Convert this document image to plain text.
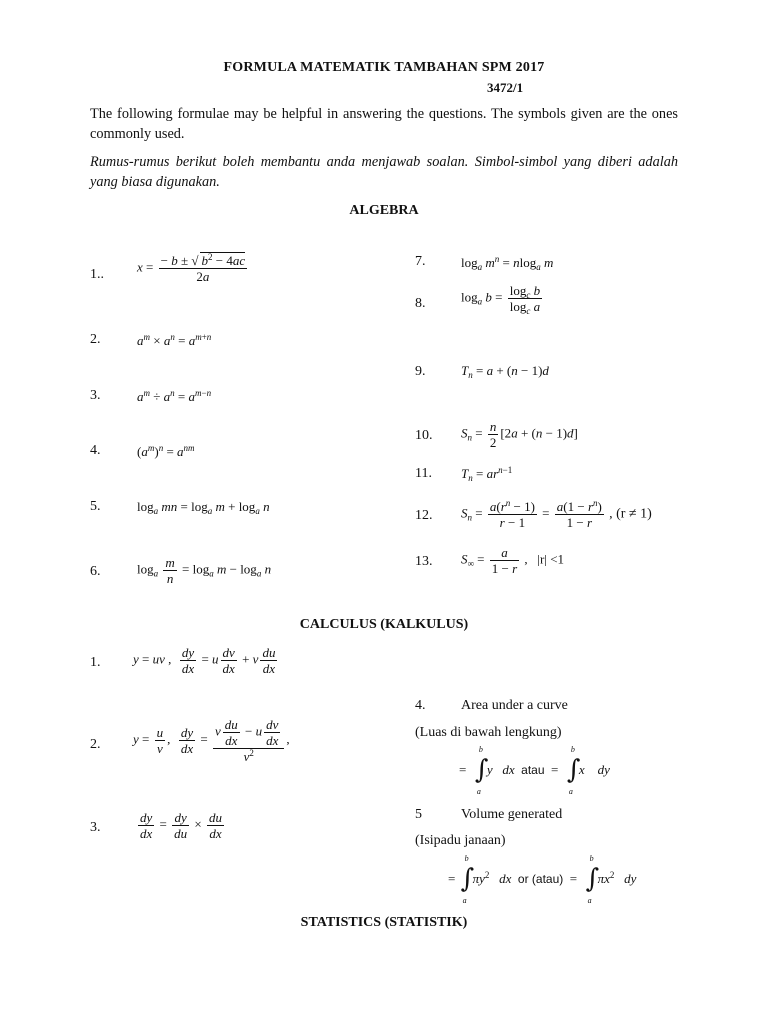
FORMULA MATEMATIK TAMBAHAN SPM 2017
3472/1
The following formulae may be helpful in answering the questions. The symbols given are the ones commonly used.
Rumus-rumus berikut boleh membantu anda menjawab soalan. Simbol-simbol yang diberi adalah yang biasa digunakan.
ALGEBRA
1..
$x = \frac{- b \pm √ b^2 - 4ac}{2a}$
2.	$a^m \times a^n = a^{m+n}$
3.	$a^m \div a^n = a^{m-n}$
4.	$(a^m)^n = a^{nm}$
5.	$\log_a$ mn = $\log_a m + \log_a n$
6.	$\log_a \frac{m}{n} = \log_a m - \log_a n$
7.	$\log_a m^n = nlog_a$ m
8.	$\log_a b = \frac{\log_c b}{\log_c a}$
9.	$T_n = a + (n - 1)d$
10. $S_n = \frac{n}{2} [2a + (n - 1)d]$
11. $T_n = ar^{n-1}$
12. $S_n = \frac{a(r^n - 1)}{r - 1} = \frac{a(1 - r^n)}{1 - r}$ , (r ≠ 1)
13. $S_\infty = \frac{a}{1 - r}$ , |r| <1
CALCULUS (KALKULUS)
1.	y = uv , $\frac{dy}{dx} = u \frac{dv}{dx} + v \frac{du}{dx}$
2.	$y = \frac{u}{v}$ , $\frac{dy}{dx} = \frac{v \frac{du}{dx} - u \frac{dv}{dx}}{v^2}$ ,
3.	$\frac{dy}{dx} = \frac{dy}{du} \times \frac{du}{dx}$
4.	Area under a curve
(Luas di bawah lengkung)
=
b
∫
a
y dx atau  =
b
∫
a
x dy
5	Volume generated
(Isipadu janaan)
=
b
∫
a
$\pi y^2$ dx or (atau)  =
b
∫
a
$\pi x^2$ dy
STATISTICS (STATISTIK)
